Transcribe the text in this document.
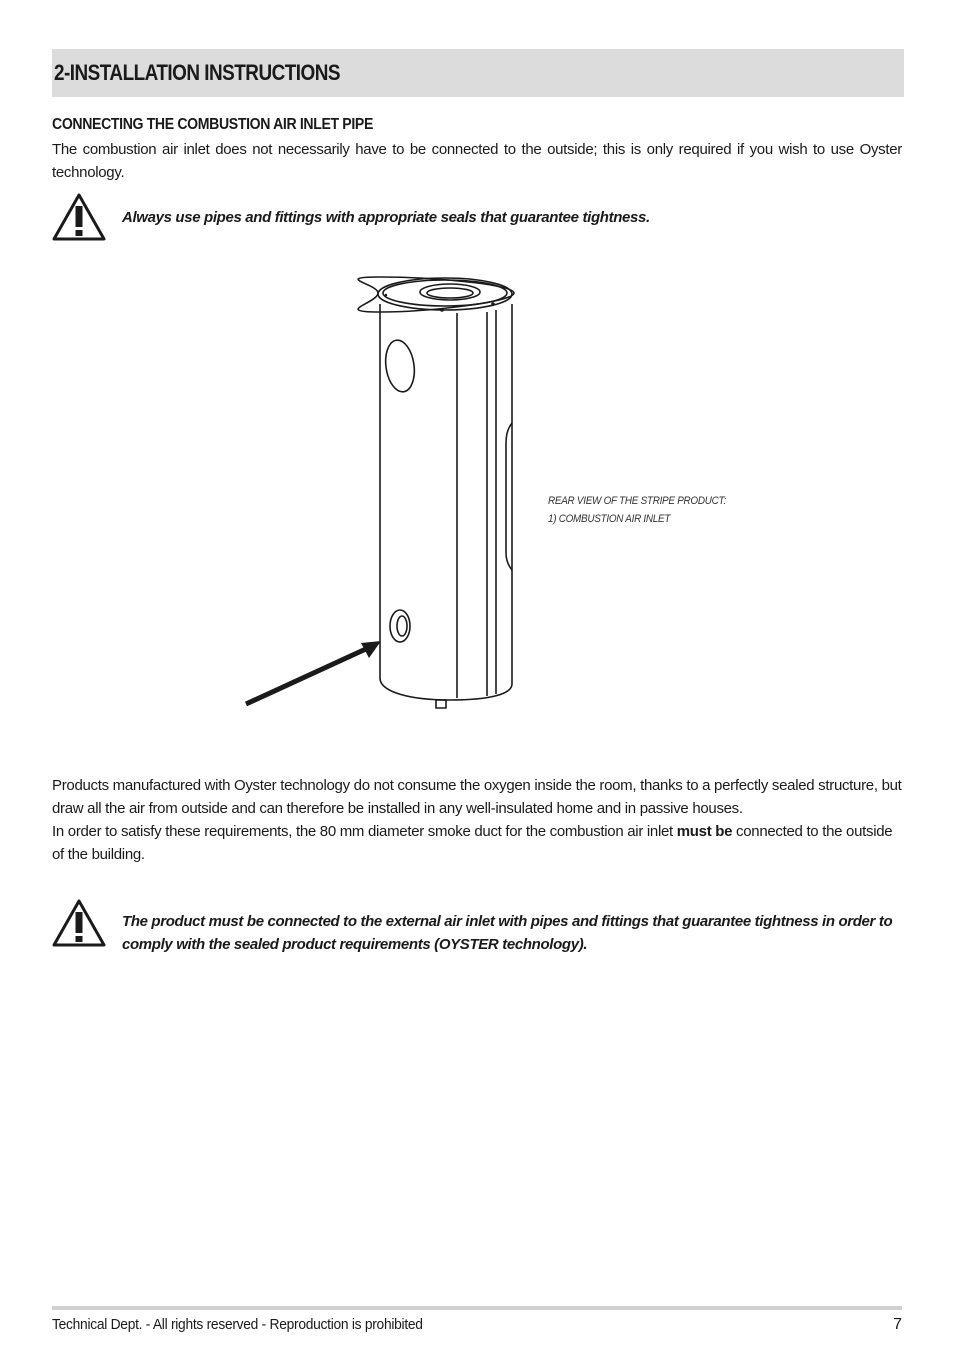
2-INSTALLATION INSTRUCTIONS
CONNECTING THE COMBUSTION AIR INLET PIPE

The combustion air inlet does not necessarily have to be connected to the outside; this is only required if you wish to use Oyster technology.

Always use pipes and fittings with appropriate seals that guarantee tightness.

REAR VIEW OF THE STRIPE PRODUCT:
1) COMBUSTION AIR INLET
Products manufactured with Oyster technology do not consume the oxygen inside the room, thanks to a perfectly sealed structure, but draw all the air from outside and can therefore be installed in any well-insulated home and in passive houses.
In order to satisfy these requirements, the 80 mm diameter smoke duct for the combustion air inlet must be connected to the outside of the building.

The product must be connected to the external air inlet with pipes and fittings that guarantee tightness in order to comply with the sealed product requirements (OYSTER technology).

Technical Dept. - All rights reserved - Reproduction is prohibited	7
